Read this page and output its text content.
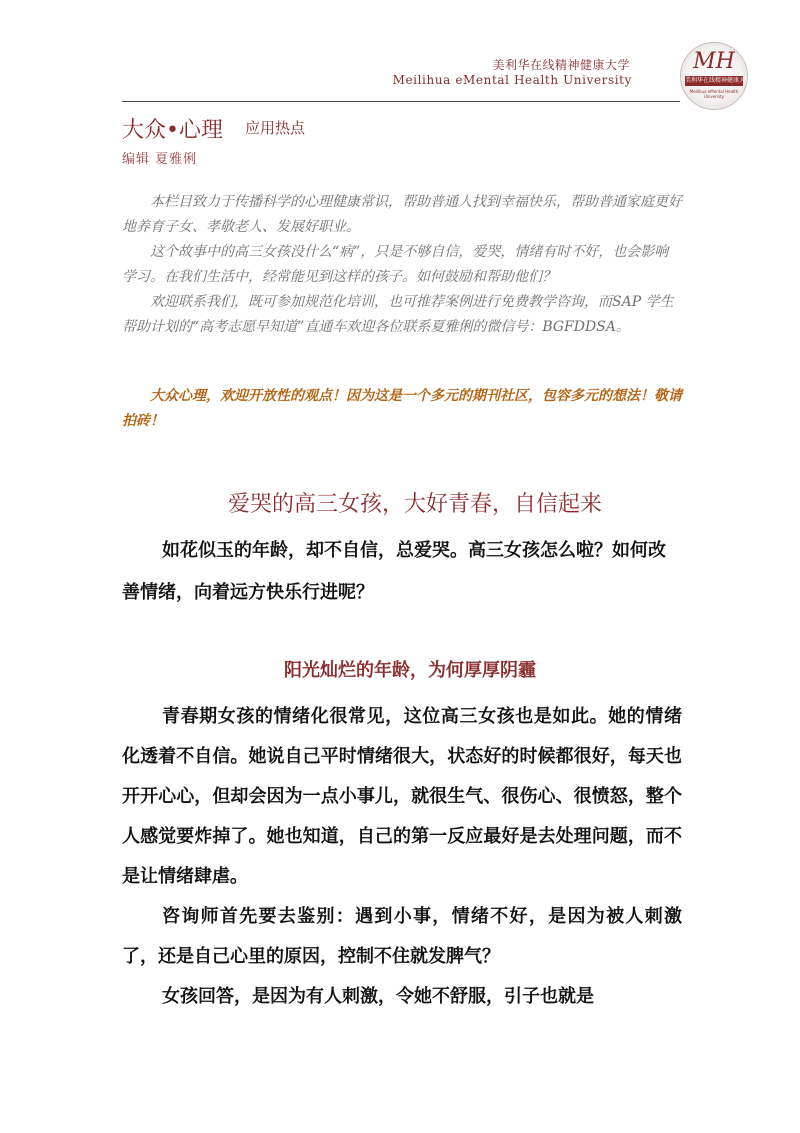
美利华在线精神健康大学
Meilihua eMental Health University
MH
美利华在线精神健康大学
Meilihua eMental Health University
大众•心理 应用热点
编辑 夏雅俐

本栏目致力于传播科学的心理健康常识，帮助普通人找到幸福快乐，帮助普通家庭更好地养育子女、孝敬老人、发展好职业。

这个故事中的高三女孩没什么“病”，只是不够自信，爱哭，情绪有时不好，也会影响学习。在我们生活中，经常能见到这样的孩子。如何鼓励和帮助他们？

欢迎联系我们，既可参加规范化培训，也可推荐案例进行免费教学咨询，而SAP 学生帮助计划的“高考志愿早知道”直通车欢迎各位联系夏雅俐的微信号：BGFDDSA。

大众心理，欢迎开放性的观点！因为这是一个多元的期刊社区，包容多元的想法！敬请拍砖！

爱哭的高三女孩，大好青春，自信起来

如花似玉的年龄，却不自信，总爱哭。高三女孩怎么啦？如何改善情绪，向着远方快乐行进呢？

阳光灿烂的年龄，为何厚厚阴霾

青春期女孩的情绪化很常见，这位高三女孩也是如此。她的情绪化透着不自信。她说自己平时情绪很大，状态好的时候都很好，每天也开开心心，但却会因为一点小事儿，就很生气、很伤心、很愤怒，整个人感觉要炸掉了。她也知道，自己的第一反应最好是去处理问题，而不是让情绪肆虐。

咨询师首先要去鉴别：遇到小事，情绪不好，是因为被人刺激了，还是自己心里的原因，控制不住就发脾气？

女孩回答，是因为有人刺激，令她不舒服，引子也就是
